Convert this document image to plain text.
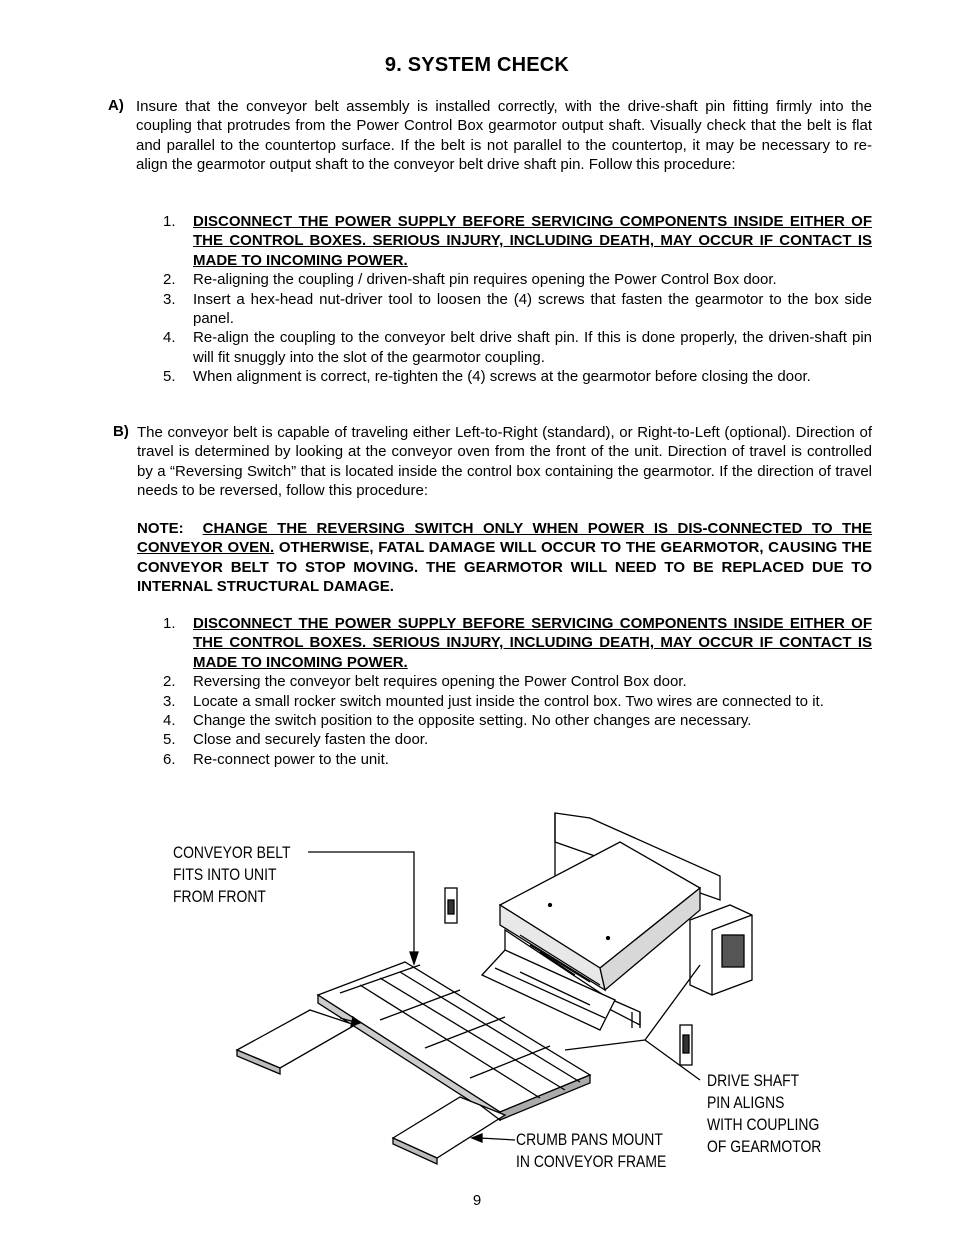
9. SYSTEM CHECK
A) Insure that the conveyor belt assembly is installed correctly, with the drive-shaft pin fitting firmly into the coupling that protrudes from the Power Control Box gearmotor output shaft. Visually check that the belt is flat and parallel to the countertop surface. If the belt is not parallel to the countertop, it may be necessary to re-align the gearmotor output shaft to the conveyor belt drive shaft pin. Follow this procedure:
1.	DISCONNECT THE POWER SUPPLY BEFORE SERVICING COMPONENTS INSIDE EITHER OF THE CONTROL BOXES. SERIOUS INJURY, INCLUDING DEATH, MAY OCCUR IF CONTACT IS MADE TO INCOMING POWER.
2.	Re-aligning the coupling / driven-shaft pin requires opening the Power Control Box door.
3.	Insert a hex-head nut-driver tool to loosen the (4) screws that fasten the gearmotor to the box side panel.
4.	Re-align the coupling to the conveyor belt drive shaft pin. If this is done properly, the driven-shaft pin will fit snuggly into the slot of the gearmotor coupling.
5.	When alignment is correct, re-tighten the (4) screws at the gearmotor before closing the door.
B) The conveyor belt is capable of traveling either Left-to-Right (standard), or Right-to-Left (optional). Direction of travel is determined by looking at the conveyor oven from the front of the unit. Direction of travel is controlled by a “Reversing Switch” that is located inside the control box containing the gearmotor. If the direction of travel needs to be reversed, follow this procedure:
NOTE: CHANGE THE REVERSING SWITCH ONLY WHEN POWER IS DIS-CONNECTED TO THE CONVEYOR OVEN. OTHERWISE, FATAL DAMAGE WILL OCCUR TO THE GEARMOTOR, CAUSING THE CONVEYOR BELT TO STOP MOVING. THE GEARMOTOR WILL NEED TO BE REPLACED DUE TO INTERNAL STRUCTURAL DAMAGE.
1.	DISCONNECT THE POWER SUPPLY BEFORE SERVICING COMPONENTS INSIDE EITHER OF THE CONTROL BOXES. SERIOUS INJURY, INCLUDING DEATH, MAY OCCUR IF CONTACT IS MADE TO INCOMING POWER.
2.	Reversing the conveyor belt requires opening the Power Control Box door.
3.	Locate a small rocker switch mounted just inside the control box. Two wires are connected to it.
4.	Change the switch position to the opposite setting. No other changes are necessary.
5.	Close and securely fasten the door.
6.	Re-connect power to the unit.
CONVEYOR BELT
FITS INTO UNIT
FROM FRONT
DRIVE SHAFT
PIN ALIGNS
WITH COUPLING
OF GEARMOTOR
CRUMB PANS MOUNT
IN CONVEYOR FRAME
9
